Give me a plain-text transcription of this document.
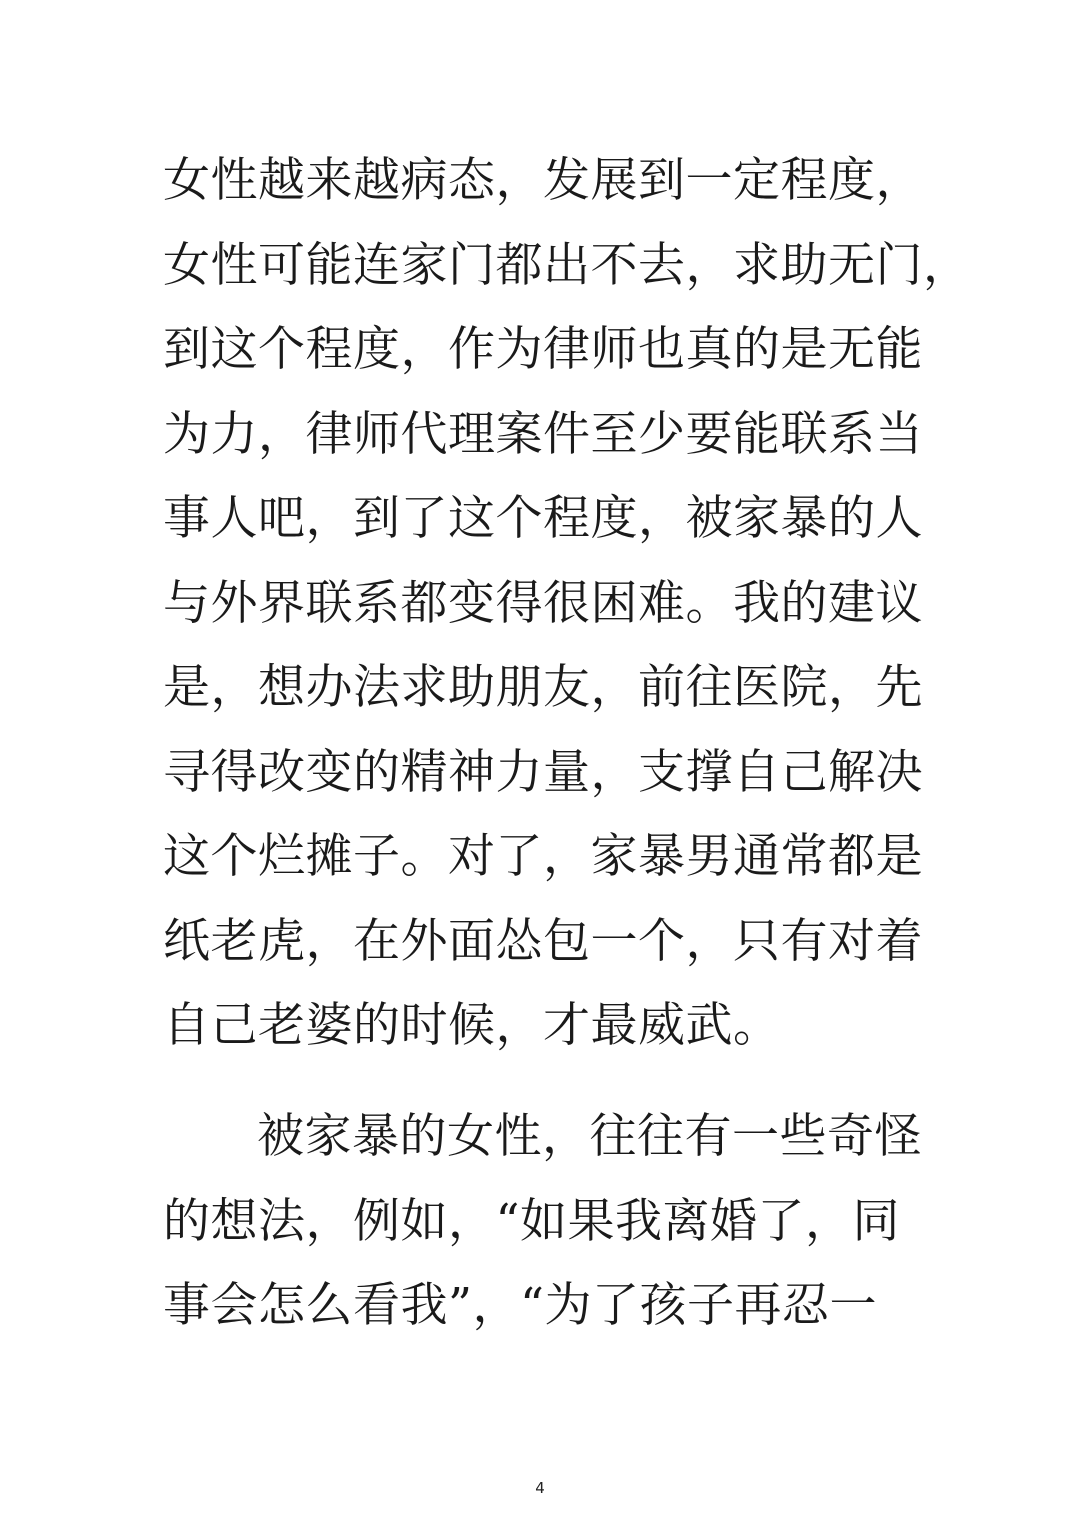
女性越来越病态，发展到一定程度，
女性可能连家门都出不去，求助无门，
到这个程度，作为律师也真的是无能
为力，律师代理案件至少要能联系当
事人吧，到了这个程度，被家暴的人
与外界联系都变得很困难。我的建议
是，想办法求助朋友，前往医院，先
寻得改变的精神力量，支撑自己解决
这个烂摊子。对了，家暴男通常都是
纸老虎，在外面怂包一个，只有对着
自己老婆的时候，才最威武。
被家暴的女性，往往有一些奇怪
的想法，例如，“如果我离婚了，同
事会怎么看我”，“为了孩子再忍一
4
